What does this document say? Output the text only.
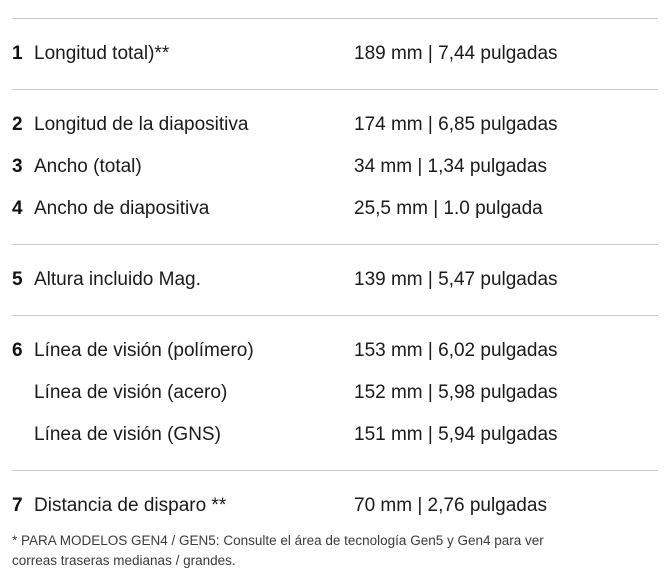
1 Longitud total)**	189 mm | 7,44 pulgadas
2 Longitud de la diapositiva	174 mm | 6,85 pulgadas
3 Ancho (total)	34 mm | 1,34 pulgadas
4 Ancho de diapositiva	25,5 mm | 1.0 pulgada
5 Altura incluido Mag.	139 mm | 5,47 pulgadas
6 Línea de visión (polímero)	153 mm | 6,02 pulgadas
Línea de visión (acero)	152 mm | 5,98 pulgadas
Línea de visión (GNS)	151 mm | 5,94 pulgadas
7 Distancia de disparo **	70 mm | 2,76 pulgadas
* PARA MODELOS GEN4 / GEN5: Consulte el área de tecnología Gen5 y Gen4 para ver
correas traseras medianas / grandes.
